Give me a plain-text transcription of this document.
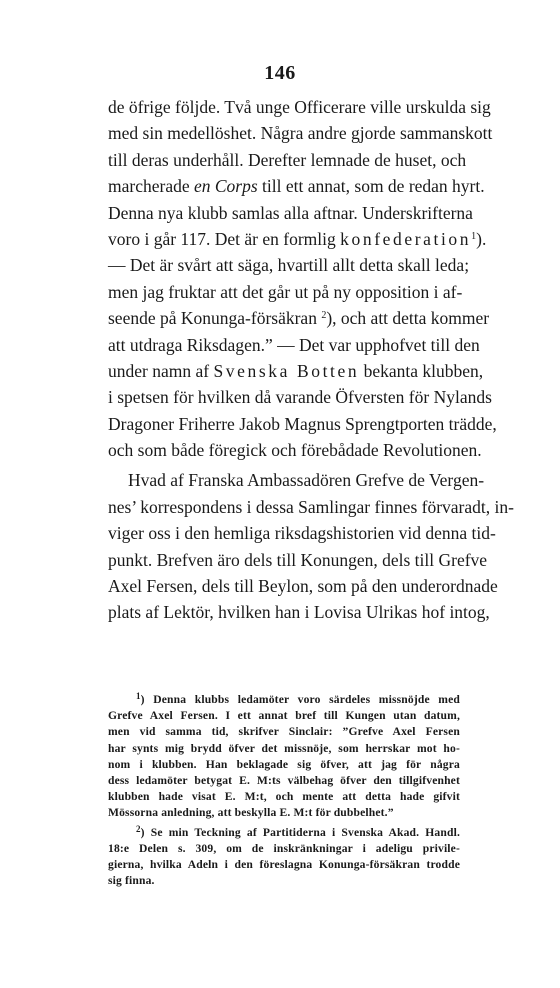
146
de öfrige följde. Två unge Officerare ville urskulda sig
med sin medellöshet. Några andre gjorde sammanskott
till deras underhåll. Derefter lemnade de huset, och
marcherade en Corps till ett annat, som de redan hyrt.
Denna nya klubb samlas alla aftnar. Underskrifterna
voro i går 117. Det är en formlig konfederation$^1$).
— Det är svårt att säga, hvartill allt detta skall leda;
men jag fruktar att det går ut på ny opposition i af-
seende på Konunga-försäkran $^2$), och att detta kommer
att utdraga Riksdagen.” — Det var upphofvet till den
under namn af Svenska Botten bekanta klubben,
i spetsen för hvilken då varande Öfversten för Nylands
Dragoner Friherre Jakob Magnus Sprengtporten trädde,
och som både föregick och förebådade Revolutionen.
Hvad af Franska Ambassadören Grefve de Vergen-
nes’ korrespondens i dessa Samlingar finnes förvaradt, in-
viger oss i den hemliga riksdagshistorien vid denna tid-
punkt. Brefven äro dels till Konungen, dels till Grefve
Axel Fersen, dels till Beylon, som på den underordnade
plats af Lektör, hvilken han i Lovisa Ulrikas hof intog,
$^1$) Denna klubbs ledamöter voro särdeles missnöjde med
Grefve Axel Fersen. I ett annat bref till Kungen utan datum,
men vid samma tid, skrifver Sinclair: ”Grefve Axel Fersen
har synts mig brydd öfver det missnöje, som herrskar mot ho-
nom i klubben. Han beklagade sig öfver, att jag för några
dess ledamöter betygat E. M:ts välbehag öfver den tillgifvenhet
klubben hade visat E. M:t, och mente att detta hade gifvit
Mössorna anledning, att beskylla E. M:t för dubbelhet.”
$^2$) Se min Teckning af Partitiderna i Svenska Akad. Handl.
18:e Delen s. 309, om de inskränkningar i adeligu privile-
gierna, hvilka Adeln i den föreslagna Konunga-försäkran trodde
sig finna.
